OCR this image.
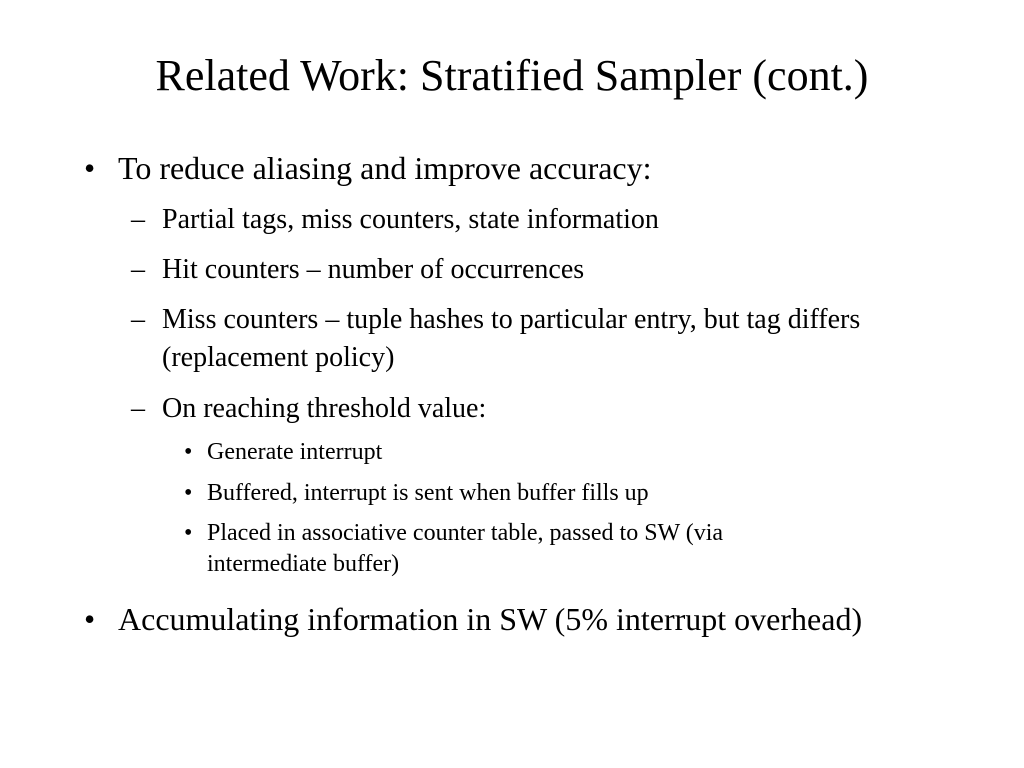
Related Work: Stratified Sampler (cont.)
• To reduce aliasing and improve accuracy:
– Partial tags, miss counters, state information
– Hit counters – number of occurrences
– Miss counters – tuple hashes to particular entry, but tag differs (replacement policy)
– On reaching threshold value:
• Generate interrupt
• Buffered, interrupt is sent when buffer fills up
• Placed in associative counter table, passed to SW (via intermediate buffer)
• Accumulating information in SW (5% interrupt overhead)
